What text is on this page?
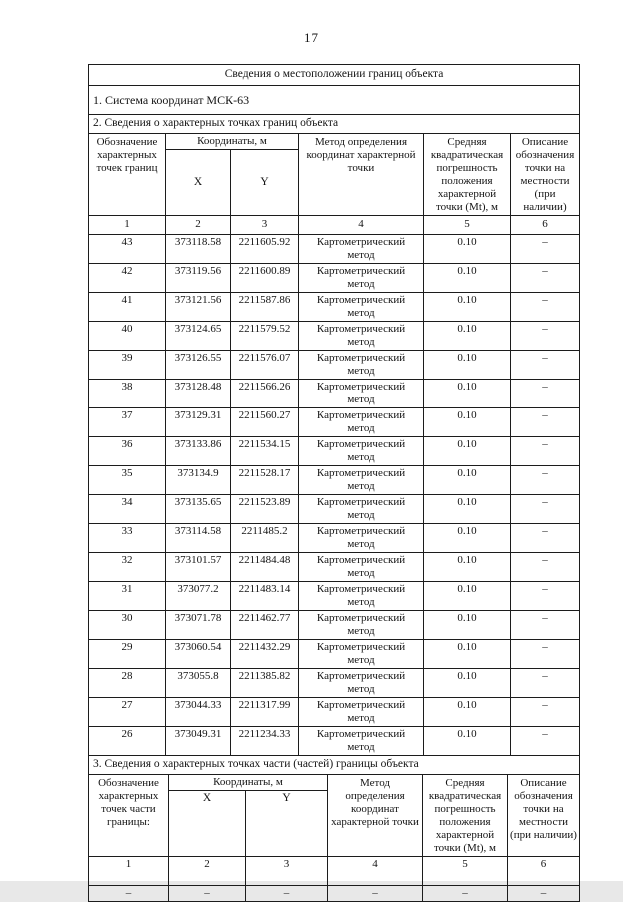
17
Сведения о местоположении границ объекта					
1. Система координат МСК-63					
2. Сведения о характерных точках границ объекта					
Обозначение характерных точек границ	Координаты, м		Метод определения координат характерной точки	Средняя квадратическая погрешность положения характерной точки (Мt), м	Описание обозначения точки на местности (при наличии)
	X	Y			
1	2	3	4	5	6
43	373118.58	2211605.92	Картометрический метод	0.10	–
42	373119.56	2211600.89	Картометрический метод	0.10	–
41	373121.56	2211587.86	Картометрический метод	0.10	–
40	373124.65	2211579.52	Картометрический метод	0.10	–
39	373126.55	2211576.07	Картометрический метод	0.10	–
38	373128.48	2211566.26	Картометрический метод	0.10	–
37	373129.31	2211560.27	Картометрический метод	0.10	–
36	373133.86	2211534.15	Картометрический метод	0.10	–
35	373134.9	2211528.17	Картометрический метод	0.10	–
34	373135.65	2211523.89	Картометрический метод	0.10	–
33	373114.58	2211485.2	Картометрический метод	0.10	–
32	373101.57	2211484.48	Картометрический метод	0.10	–
31	373077.2	2211483.14	Картометрический метод	0.10	–
30	373071.78	2211462.77	Картометрический метод	0.10	–
29	373060.54	2211432.29	Картометрический метод	0.10	–
28	373055.8	2211385.82	Картометрический метод	0.10	–
27	373044.33	2211317.99	Картометрический метод	0.10	–
26	373049.31	2211234.33	Картометрический метод	0.10	–
3. Сведения о характерных точках части (частей) границы объекта					
Обозначение характерных точек части границы:	Координаты, м		Метод определения координат характерной точки	Средняя квадратическая погрешность положения характерной точки (Мt), м	Описание обозначения точки на местности (при наличии)
	X	Y			
1	2	3	4	5	6
–	–	–	–	–	–
